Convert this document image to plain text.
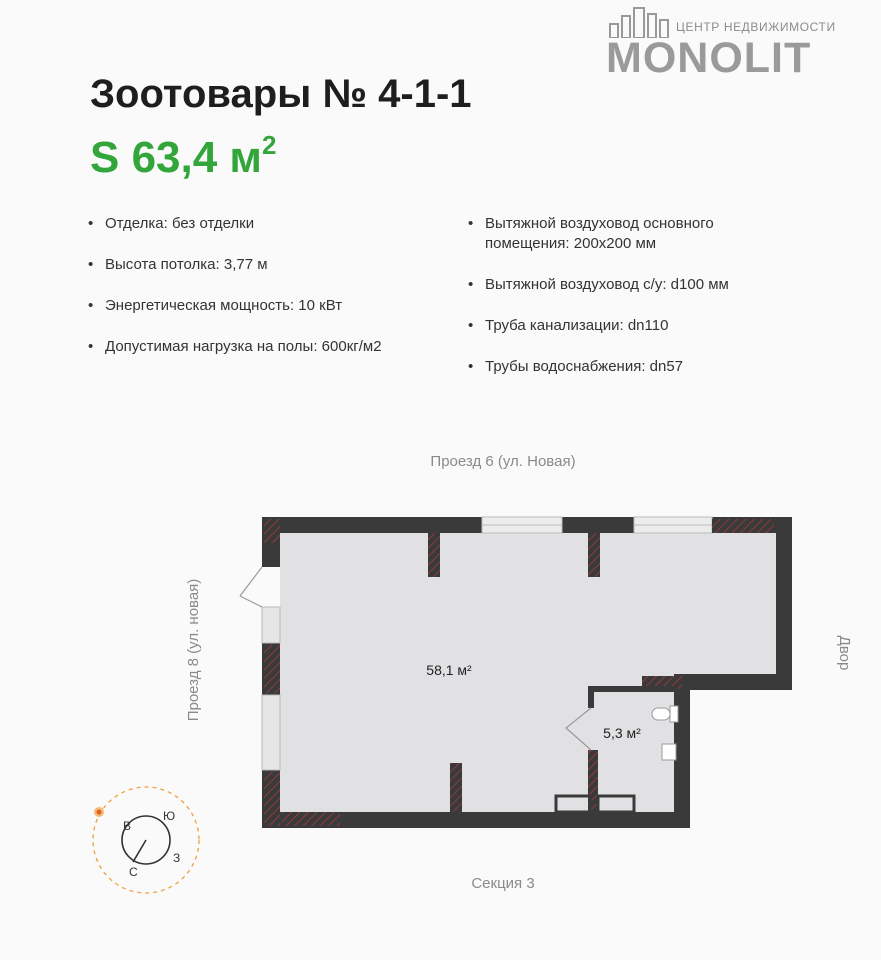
ЦЕНТР НЕДВИЖИМОСТИ
MONOLIT
Зоотовары № 4-1-1
S 63,4 $м^2$
• Отделка: без отделки
• Высота потолка: 3,77 м
• Энергетическая мощность: 10 кВт
• Допустимая нагрузка на полы: 600кг/м2
• Вытяжной воздуховод основного помещения: 200х200 мм
• Вытяжной воздуховод с/у: d100 мм
• Труба канализации: dn110
• Трубы водоснабжения: dn57
Проезд 6 (ул. Новая)
Проезд 8 (ул. новая)	Двор
Секция 3
58,1 м²
5,3 м²
В
Ю
С
З
